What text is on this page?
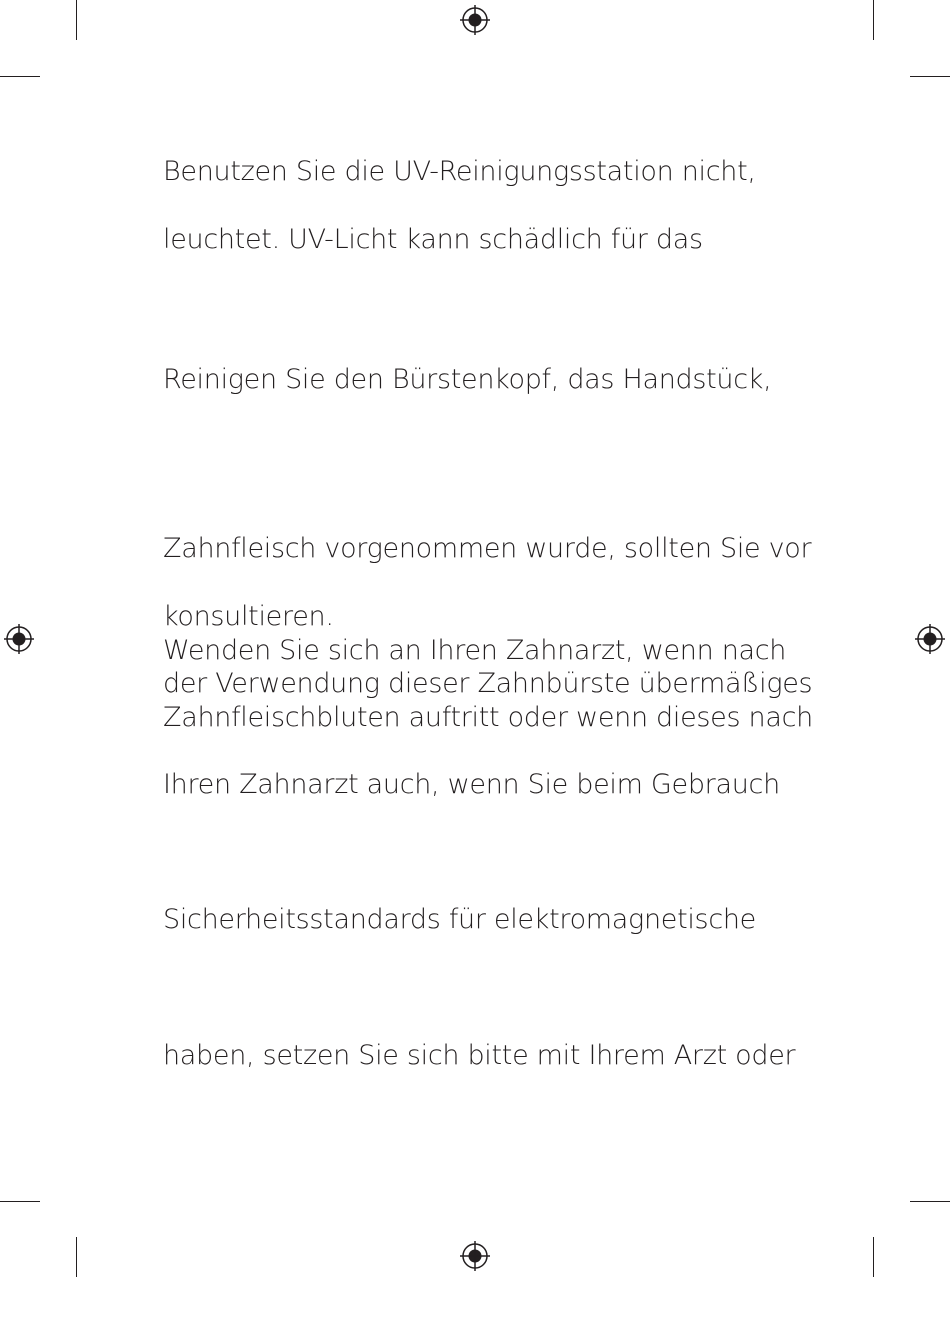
Benutzen Sie die UV-Reinigungsstation nicht,

leuchtet. UV-Licht kann schädlich für das

Reinigen Sie den Bürstenkopf, das Handstück,

Zahnfleisch vorgenommen wurde, sollten Sie vor

konsultieren.

Wenden Sie sich an Ihren Zahnarzt, wenn nach

der Verwendung dieser Zahnbürste übermäßiges

Zahnfleischbluten auftritt oder wenn dieses nach

Ihren Zahnarzt auch, wenn Sie beim Gebrauch

Sicherheitsstandards für elektromagnetische

haben, setzen Sie sich bitte mit Ihrem Arzt oder
